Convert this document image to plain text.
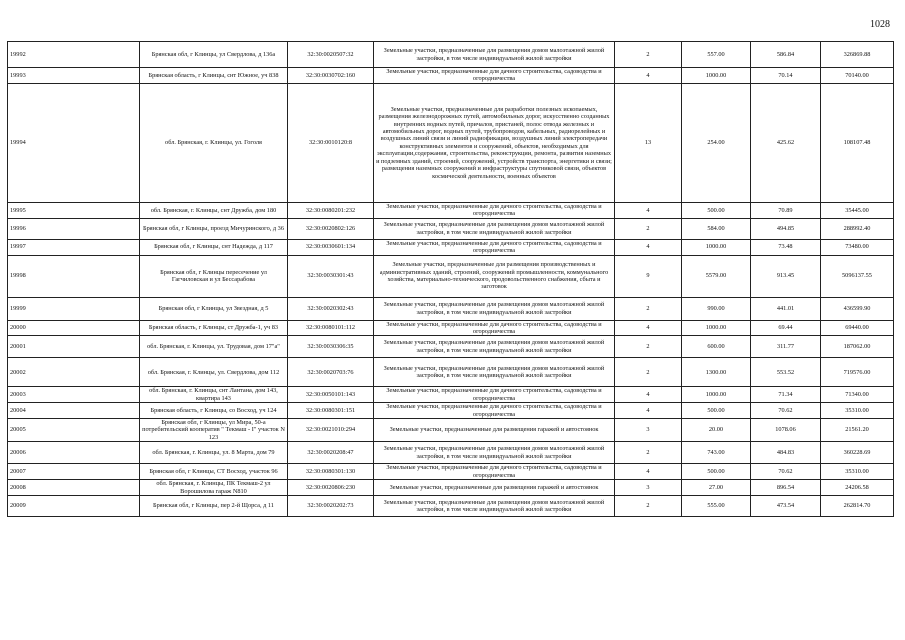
1028
19992	Брянская обл, г Клинцы, ул Свердлова, д 136а	32:30:0020507:32	Земельные участки, предназначенные для размещения домов малоэтажной жилой застройки, в том числе индивидуальной жилой застройки	2	557.00	586.84	326869.88
19993	Брянская область, г Клинцы, снт Южное, уч 838	32:30:0030702:160	Земельные участки, предназначенные для дачного строительства, садоводства и огородничества	4	1000.00	70.14	70140.00
19994	обл. Брянская, г. Клинцы, ул. Гоголя	32:30:0010120:8	Земельные участки, предназначенные для разработки полезных ископаемых, размещения железнодорожных путей, автомобильных дорог, искусственно созданных внутренних водных путей, причалов, пристаней, полос отвода железных и автомобильных дорог, водных путей, трубопроводов, кабельных, радиорелейных и воздушных линий связи и линий радиофикации, воздушных линий электропередачи конструктивных элементов и сооружений, объектов, необходимых для эксплуатации,содержания, строительства, реконструкции, ремонта, развития наземных и подземных зданий, строений, сооружений, устройств транспорта, энергетики и связи; размещения наземных сооружений и инфраструктуры спутниковой связи, объектов космической деятельности, военных объектов	13	254.00	425.62	108107.48
19995	обл. Брянская, г. Клинцы, снт Дружба, дом 180	32:30:0080201:232	Земельные участки, предназначенные для дачного строительства, садоводства и огородничества	4	500.00	70.89	35445.00
19996	Брянская обл, г Клинцы, проезд Мичуринского, д 36	32:30:0020802:126	Земельные участки, предназначенные для размещения домов малоэтажной жилой застройки, в том числе индивидуальной жилой застройки	2	584.00	494.85	288992.40
19997	Брянская обл, г Клинцы, снт Надежда, д 117	32:30:0030601:134	Земельные участки, предназначенные для дачного строительства, садоводства и огородничества	4	1000.00	73.48	73480.00
19998	Брянская обл, г Клинцы пересечение ул Гагчиловская и ул Бессарабова	32:30:0030301:43	Земельные участки, предназначенные для размещения производственных и административных зданий, строений, сооружений промышленности, коммунального хозяйства, материально-технического, продовольственного снабжения, сбыта и заготовок	9	5579.00	913.45	5096137.55
19999	Брянская обл, г Клинцы, ул Звездная, д 5	32:30:0020302:43	Земельные участки, предназначенные для размещения домов малоэтажной жилой застройки, в том числе индивидуальной жилой застройки	2	990.00	441.01	436599.90
20000	Брянская область, г Клинцы, ст Дружба-1, уч 83	32:30:0080101:112	Земельные участки, предназначенные для дачного строительства, садоводства и огородничества	4	1000.00	69.44	69440.00
20001	обл. Брянская, г. Клинцы, ул. Трудовая, дом 17"а"	32:30:0030306:35	Земельные участки, предназначенные для размещения домов малоэтажной жилой застройки, в том числе индивидуальной жилой застройки	2	600.00	311.77	187062.00
20002	обл. Брянская, г. Клинцы, ул. Свердлова, дом 112	32:30:0020703:76	Земельные участки, предназначенные для размещения домов малоэтажной жилой застройки, в том числе индивидуальной жилой застройки	2	1300.00	553.52	719576.00
20003	обл. Брянская, г. Клинцы, снт Лантана, дом 143, квартира 143	32:30:0050101:143	Земельные участки, предназначенные для дачного строительства, садоводства и огородничества	4	1000.00	71.34	71340.00
20004	Брянская область, г Клинцы, со Восход, уч 124	32:30:0080301:151	Земельные участки, предназначенные для дачного строительства, садоводства и огородничества	4	500.00	70.62	35310.00
20005	Брянская обл, г Клинцы, ул Мира, 50-а потребительский кооператив " Текмаш - I" участок N 123	32:30:0021010:294	Земельные участки, предназначенные для размещения гаражей и автостоянок	3	20.00	1078.06	21561.20
20006	обл. Брянская, г. Клинцы, ул. 8 Марта, дом 79	32:30:0020208:47	Земельные участки, предназначенные для размещения домов малоэтажной жилой застройки, в том числе индивидуальной жилой застройки	2	743.00	484.83	360228.69
20007	Брянская обл, г Клинцы, СТ Восход, участок 96	32:30:0080301:130	Земельные участки, предназначенные для дачного строительства, садоводства и огородничества	4	500.00	70.62	35310.00
20008	обл. Брянская, г. Клинцы, ПК Текмаш-2 ул Ворошилова гараж N810	32:30:0020806:230	Земельные участки, предназначенные для размещения гаражей и автостоянок	3	27.00	896.54	24206.58
20009	Брянская обл, г Клинцы, пер 2-й Щорса, д 11	32:30:0020202:73	Земельные участки, предназначенные для размещения домов малоэтажной жилой застройки, в том числе индивидуальной жилой застройки	2	555.00	473.54	262814.70
